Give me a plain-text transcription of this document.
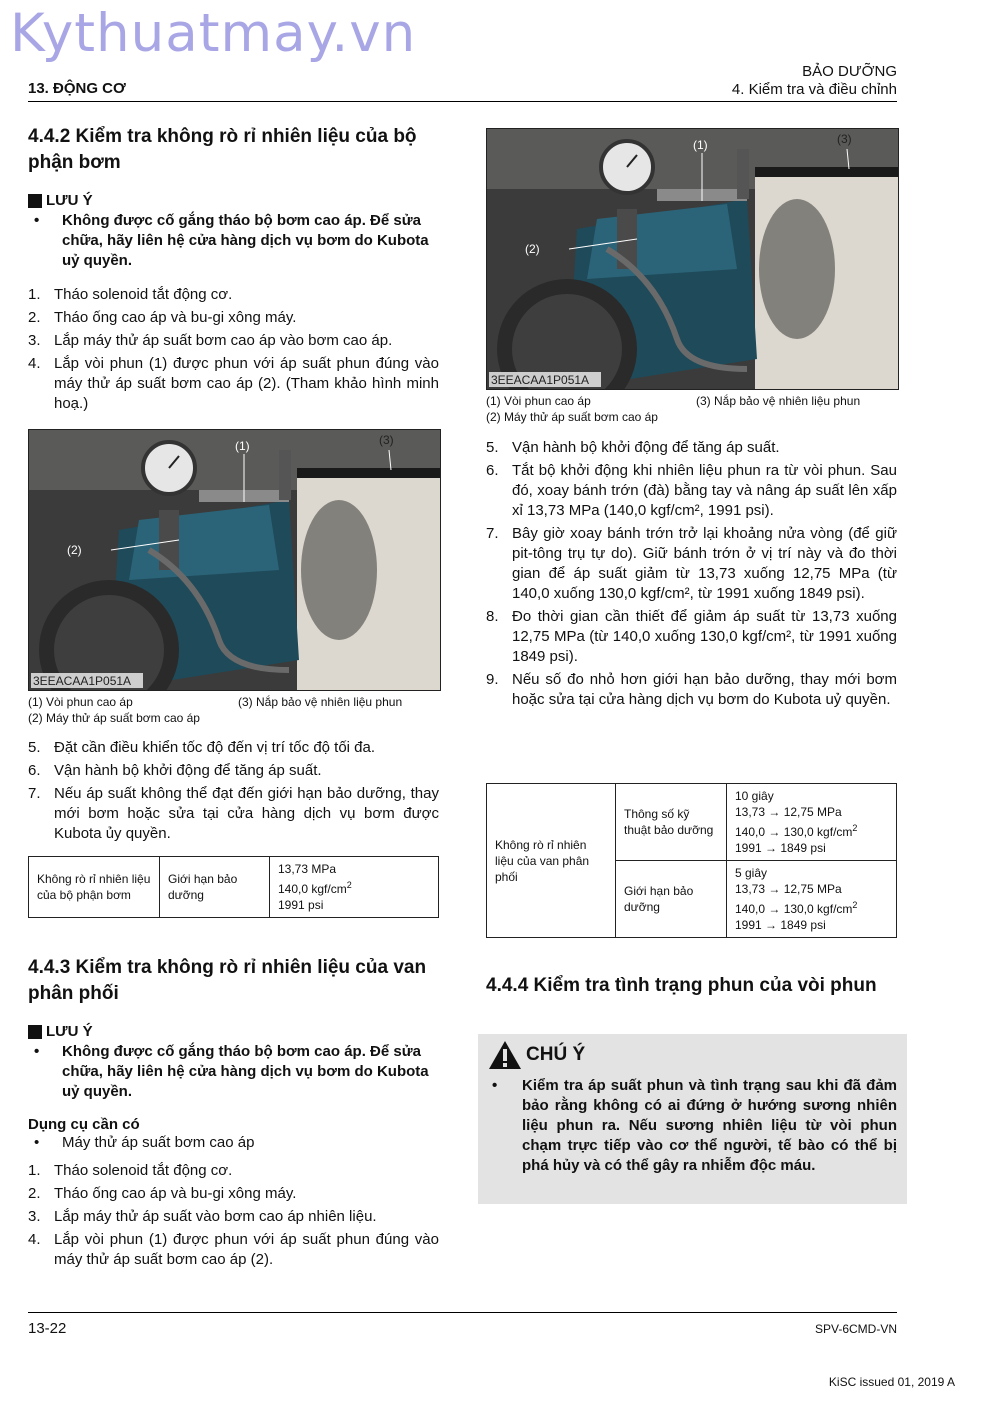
Kythuatmay.vn
13. ĐỘNG CƠ
BẢO DƯỠNG
4. Kiểm tra và điều chỉnh
4.4.2 Kiểm tra không rò rỉ nhiên liệu của bộ phận bơm
LƯU Ý
•	Không được cố gắng tháo bộ bơm cao áp. Để sửa chữa, hãy liên hệ cửa hàng dịch vụ bơm do Kubota uỷ quyền.
1. Tháo solenoid tắt động cơ.
2. Tháo ống cao áp và bu-gi xông máy.
3. Lắp máy thử áp suất bơm cao áp vào bơm cao áp.
4. Lắp vòi phun (1) được phun với áp suất phun đúng vào máy thử áp suất bơm cao áp (2). (Tham khảo hình minh hoạ.)
(1)
(2)
(3)
3EEACAA1P051A
(1) Vòi phun cao áp	(3) Nắp bảo vệ nhiên liệu phun
(2) Máy thử áp suất bơm cao áp
5. Đặt cần điều khiển tốc độ đến vị trí tốc độ tối đa.
6. Vận hành bộ khởi động để tăng áp suất.
7. Nếu áp suất không thể đạt đến giới hạn bảo dưỡng, thay mới bơm hoặc sửa tại cửa hàng dịch vụ bơm được Kubota ủy quyền.
Không rò rỉ nhiên liệu của bộ phận bơm	Giới hạn bảo dưỡng	
13,73 MPa
140,0 kgf/$cm^2$
1991 psi
4.4.3 Kiểm tra không rò rỉ nhiên liệu của van phân phối
LƯU Ý
•	Không được cố gắng tháo bộ bơm cao áp. Để sửa chữa, hãy liên hệ cửa hàng dịch vụ bơm do Kubota uỷ quyền.
Dụng cụ cần có
•	Máy thử áp suất bơm cao áp
1. Tháo solenoid tắt động cơ.
2. Tháo ống cao áp và bu-gi xông máy.
3. Lắp máy thử áp suất vào bơm cao áp nhiên liệu.
4. Lắp vòi phun (1) được phun với áp suất phun đúng vào máy thử áp suất bơm cao áp (2).
(1)
(2)
(3)
3EEACAA1P051A
(1) Vòi phun cao áp	(3) Nắp bảo vệ nhiên liệu phun
(2) Máy thử áp suất bơm cao áp
5. Vận hành bộ khởi động để tăng áp suất.
6. Tắt bộ khởi động khi nhiên liệu phun ra từ vòi phun. Sau đó, xoay bánh trớn (đà) bằng tay và nâng áp suất lên xấp xỉ 13,73 MPa (140,0 kgf/cm², 1991 psi).
7. Bây giờ xoay bánh trớn trở lại khoảng nửa vòng (để giữ pit-tông trụ tự do). Giữ bánh trớn ở vị trí này và đo thời gian để áp suất giảm từ 13,73 xuống 12,75 MPa (từ 140,0 xuống 130,0 kgf/cm², từ 1991 xuống 1849 psi).
8. Đo thời gian cần thiết để giảm áp suất từ 13,73 xuống 12,75 MPa (từ 140,0 xuống 130,0 kgf/cm², từ 1991 xuống 1849 psi).
9. Nếu số đo nhỏ hơn giới hạn bảo dưỡng, thay mới bơm hoặc sửa tại cửa hàng dịch vụ bơm do Kubota uỷ quyền.
Không rò rỉ nhiên liệu của van phân phối	Thông số kỹ thuật bảo dưỡng	10 giây
13,73 → 12,75 MPa
140,0 → 130,0 kgf/$cm^2$
1991 → 1849 psi

	Giới hạn bảo dưỡng	5 giây
13,73 → 12,75 MPa
140,0 → 130,0 kgf/$cm^2$
1991 → 1849 psi
4.4.4 Kiểm tra tình trạng phun của vòi phun
CHÚ Ý
•	Kiểm tra áp suất phun và tình trạng sau khi đã đảm bảo rằng không có ai đứng ở hướng sương nhiên liệu phun ra. Nếu sương nhiên liệu từ vòi phun chạm trực tiếp vào cơ thể người, tế bào có thể bị phá hủy và có thể gây ra nhiễm độc máu.
13-22	SPV-6CMD-VN
KiSC issued 01, 2019 A
